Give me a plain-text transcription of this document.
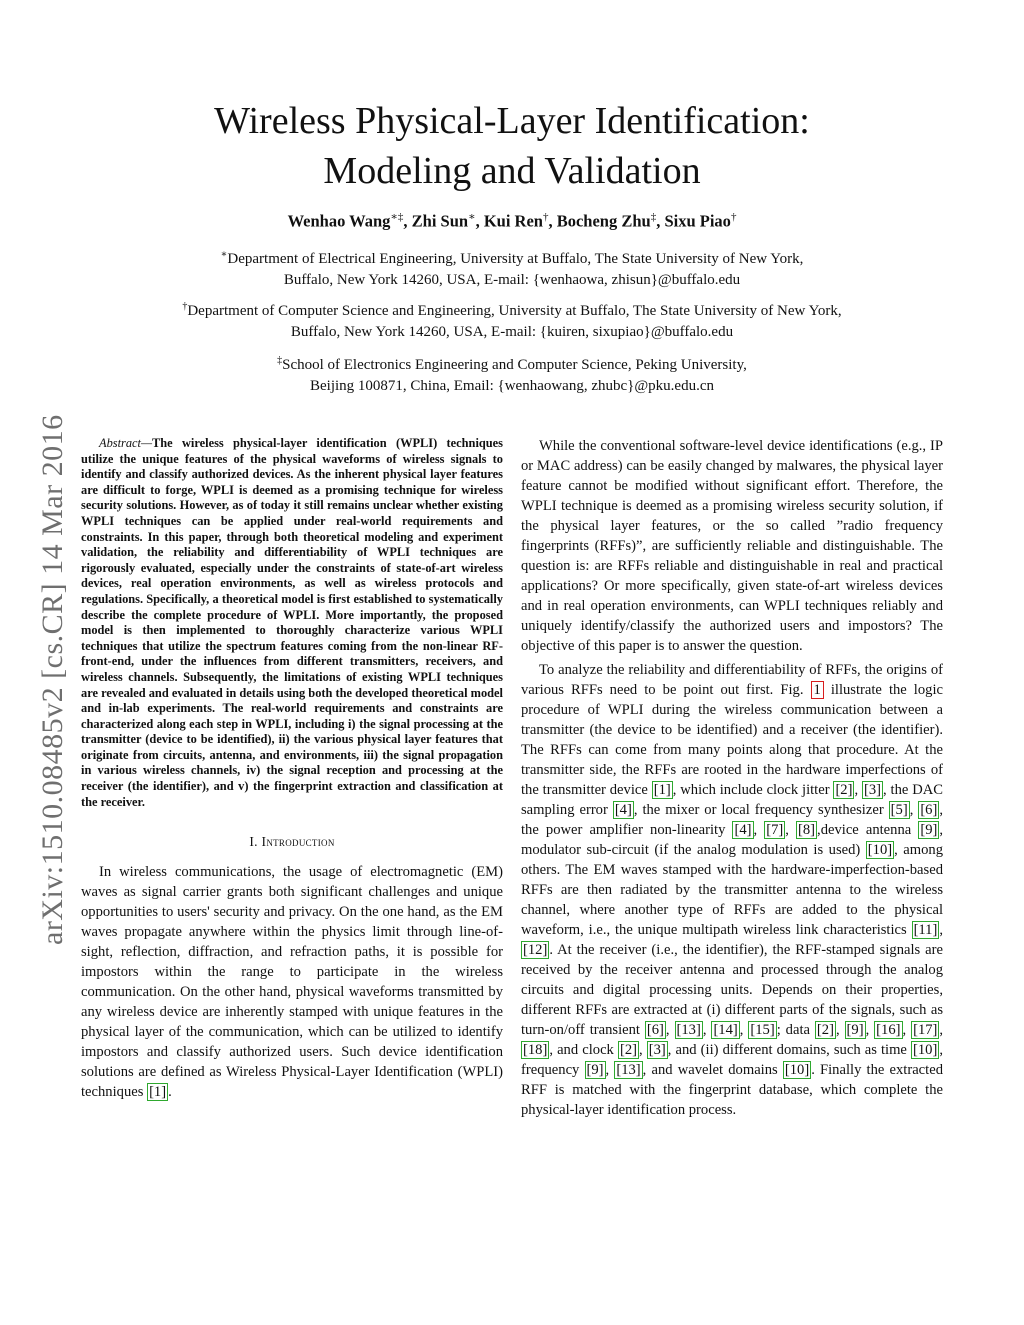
arXiv:1510.08485v2 [cs.CR] 14 Mar 2016
Wireless Physical-Layer Identification:
Modeling and Validation
Wenhao Wang∗‡, Zhi Sun∗, Kui Ren†, Bocheng Zhu‡, Sixu Piao†
∗Department of Electrical Engineering, University at Buffalo, The State University of New York,
Buffalo, New York 14260, USA, E-mail: {wenhaowa, zhisun}@buffalo.edu
†Department of Computer Science and Engineering, University at Buffalo, The State University of New York,
Buffalo, New York 14260, USA, E-mail: {kuiren, sixupiao}@buffalo.edu
‡School of Electronics Engineering and Computer Science, Peking University,
Beijing 100871, China, Email: {wenhaowang, zhubc}@pku.edu.cn

Abstract—The wireless physical-layer identification (WPLI) techniques utilize the unique features of the physical waveforms of wireless signals to identify and classify authorized devices. As the inherent physical layer features are difficult to forge, WPLI is deemed as a promising technique for wireless security solutions. However, as of today it still remains unclear whether existing WPLI techniques can be applied under real-world requirements and constraints. In this paper, through both theoretical modeling and experiment validation, the reliability and differentiability of WPLI techniques are rigorously evaluated, especially under the constraints of state-of-art wireless devices, real operation environments, as well as wireless protocols and regulations. Specifically, a theoretical model is first established to systematically describe the complete procedure of WPLI. More importantly, the proposed model is then implemented to thoroughly characterize various WPLI techniques that utilize the spectrum features coming from the non-linear RF-front-end, under the influences from different transmitters, receivers, and wireless channels. Subsequently, the limitations of existing WPLI techniques are revealed and evaluated in details using both the developed theoretical model and in-lab experiments. The real-world requirements and constraints are characterized along each step in WPLI, including i) the signal processing at the transmitter (device to be identified), ii) the various physical layer features that originate from circuits, antenna, and environments, iii) the signal propagation in various wireless channels, iv) the signal reception and processing at the receiver (the identifier), and v) the fingerprint extraction and classification at the receiver.

I. Introduction

In wireless communications, the usage of electromagnetic (EM) waves as signal carrier grants both significant challenges and unique opportunities to users' security and privacy. On the one hand, as the EM waves propagate anywhere within the physics limit through line-of-sight, reflection, diffraction, and refraction paths, it is possible for impostors within the range to participate in the wireless communication. On the other hand, physical waveforms transmitted by any wireless device are inherently stamped with unique features in the physical layer of the communication, which can be utilized to identify impostors and classify authorized users. Such device identification solutions are defined as Wireless Physical-Layer Identification (WPLI) techniques [1] .

While the conventional software-level device identifications (e.g., IP or MAC address) can be easily changed by malwares, the physical layer feature cannot be modified without significant effort. Therefore, the WPLI technique is deemed as a promising wireless security solution, if the physical layer features, or the so called ”radio frequency fingerprints (RFFs)”, are sufficiently reliable and distinguishable. The question is: are RFFs reliable and distinguishable in real and practical applications? Or more specifically, given state-of-art wireless devices and in real operation environments, can WPLI techniques reliably and uniquely identify/classify the authorized users and impostors? The objective of this paper is to answer the question.

To analyze the reliability and differentiability of RFFs, the origins of various RFFs need to be point out first. Fig. 1 illustrate the logic procedure of WPLI during the wireless communication between a transmitter (the device to be identified) and a receiver (the identifier). The RFFs can come from many points along that procedure. At the transmitter side, the RFFs are rooted in the hardware imperfections of the transmitter device [1] , which include clock jitter [2] , [3] , the DAC sampling error [4] , the mixer or local frequency synthesizer [5] , [6] , the power amplifier non-linearity [4] , [7] , [8] ,device antenna [9] , modulator sub-circuit (if the analog modulation is used) [10] , among others. The EM waves stamped with the hardware-imperfection-based RFFs are then radiated by the transmitter antenna to the wireless channel, where another type of RFFs are added to the physical waveform, i.e., the unique multipath wireless link characteristics [11] , [12] . At the receiver (i.e., the identifier), the RFF-stamped signals are received by the receiver antenna and processed through the analog circuits and digital processing units. Depends on their properties, different RFFs are extracted at (i) different parts of the signals, such as turn-on/off transient [6] , [13] , [14] , [15] ; data [2] , [9] , [16] , [17] , [18] , and clock [2] , [3] , and (ii) different domains, such as time [10] , frequency [9] , [13] , and wavelet domains [10] . Finally the extracted RFF is matched with the fingerprint database, which complete the physical-layer identification process.
